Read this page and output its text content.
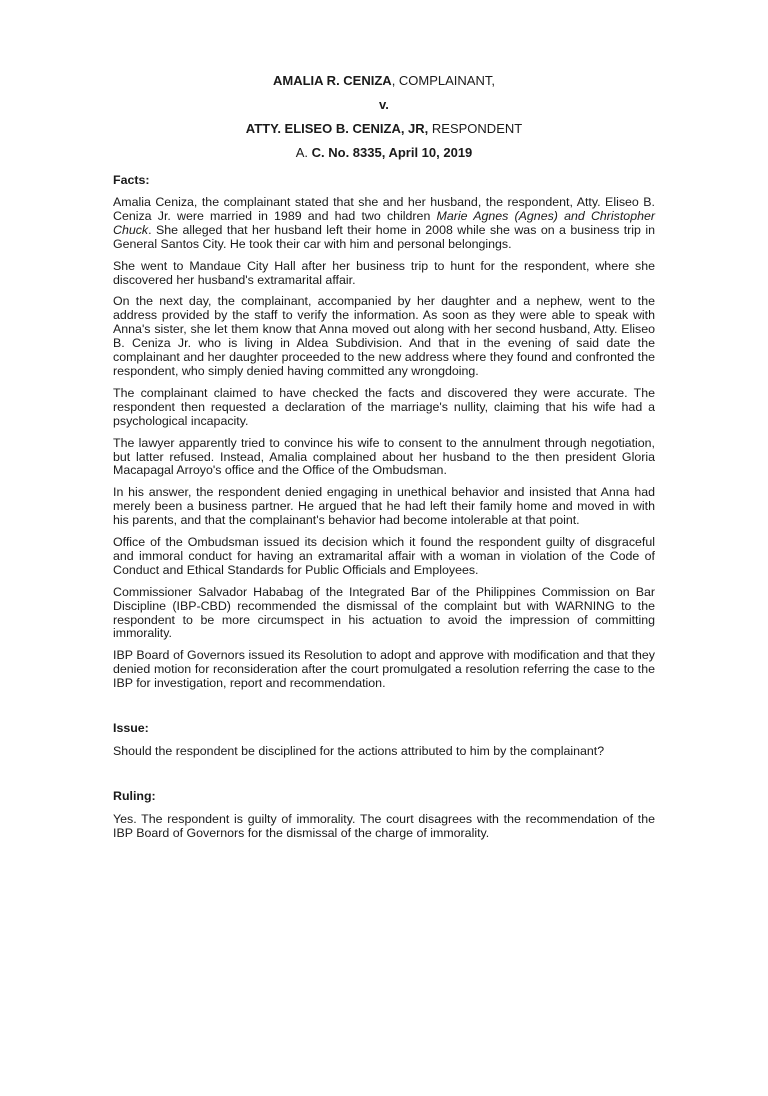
AMALIA R. CENIZA, COMPLAINANT,
v.
ATTY. ELISEO B. CENIZA, JR, RESPONDENT
A. C. No. 8335, April 10, 2019
Facts:

Amalia Ceniza, the complainant stated that she and her husband, the respondent, Atty. Eliseo B. Ceniza Jr. were married in 1989 and had two children Marie Agnes (Agnes) and Christopher Chuck. She alleged that her husband left their home in 2008 while she was on a business trip in General Santos City. He took their car with him and personal belongings.

She went to Mandaue City Hall after her business trip to hunt for the respondent, where she discovered her husband's extramarital affair.

On the next day, the complainant, accompanied by her daughter and a nephew, went to the address provided by the staff to verify the information. As soon as they were able to speak with Anna's sister, she let them know that Anna moved out along with her second husband, Atty. Eliseo B. Ceniza Jr. who is living in Aldea Subdivision. And that in the evening of said date the complainant and her daughter proceeded to the new address where they found and confronted the respondent, who simply denied having committed any wrongdoing.

The complainant claimed to have checked the facts and discovered they were accurate. The respondent then requested a declaration of the marriage's nullity, claiming that his wife had a psychological incapacity.

The lawyer apparently tried to convince his wife to consent to the annulment through negotiation, but latter refused. Instead, Amalia complained about her husband to the then president Gloria Macapagal Arroyo's office and the Office of the Ombudsman.

In his answer, the respondent denied engaging in unethical behavior and insisted that Anna had merely been a business partner. He argued that he had left their family home and moved in with his parents, and that the complainant's behavior had become intolerable at that point.

Office of the Ombudsman issued its decision which it found the respondent guilty of disgraceful and immoral conduct for having an extramarital affair with a woman in violation of the Code of Conduct and Ethical Standards for Public Officials and Employees.

Commissioner Salvador Hababag of the Integrated Bar of the Philippines Commission on Bar Discipline (IBP-CBD) recommended the dismissal of the complaint but with WARNING to the respondent to be more circumspect in his actuation to avoid the impression of committing immorality.

IBP Board of Governors issued its Resolution to adopt and approve with modification and that they denied motion for reconsideration after the court promulgated a resolution referring the case to the IBP for investigation, report and recommendation.

Issue:

Should the respondent be disciplined for the actions attributed to him by the complainant?

Ruling:

Yes. The respondent is guilty of immorality. The court disagrees with the recommendation of the IBP Board of Governors for the dismissal of the charge of immorality.
